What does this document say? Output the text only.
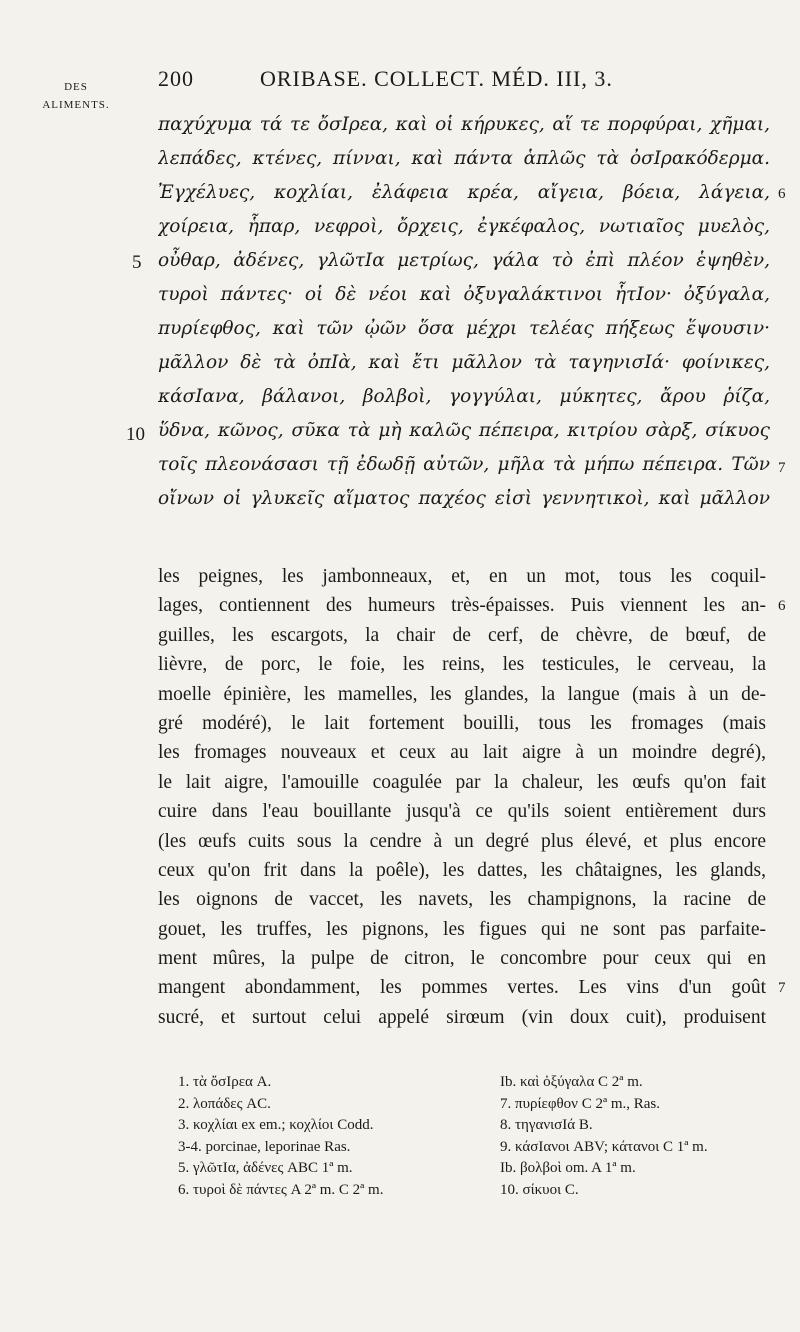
DES
ALIMENTS.
200	ORIBASE. COLLECT. MÉD. III, 3.
5
10
6
7
παχύχυμα τά τε ὄσΙρεα, καὶ οἱ κήρυκες, αἵ τε πορφύραι, χῆμαι,
λεπάδες, κτένες, πίνναι, καὶ πάντα ἁπλῶς τὰ ὀσΙρακόδερμα.
Ἐγχέλυες, κοχλίαι, ἐλάφεια κρέα, αἴγεια, βόεια, λάγεια,
χοίρεια, ἧπαρ, νεφροὶ, ὄρχεις, ἐγκέφαλος, νωτιαῖος μυελὸς,
οὖθαρ, ἀδένες, γλῶτΙα μετρίως, γάλα τὸ ἐπὶ πλέον ἑψηθὲν,
τυροὶ πάντες· οἱ δὲ νέοι καὶ ὀξυγαλάκτινοι ἧτΙον· ὀξύγαλα,
πυρίεφθος, καὶ τῶν ᾠῶν ὅσα μέχρι τελέας πήξεως ἕψουσιν·
μᾶλλον δὲ τὰ ὀπΙὰ, καὶ ἔτι μᾶλλον τὰ ταγηνισΙά· φοίνικες,
κάσΙανα, βάλανοι, βολβοὶ, γογγύλαι, μύκητες, ἄρου ῥίζα,
ὕδνα, κῶνος, σῦκα τὰ μὴ καλῶς πέπειρα, κιτρίου σὰρξ, σίκυος
τοῖς πλεονάσασι τῇ ἐδωδῇ αὐτῶν, μῆλα τὰ μήπω πέπειρα. Τῶν
οἴνων οἱ γλυκεῖς αἵματος παχέος εἰσὶ γεννητικοὶ, καὶ μᾶλλον
6
7
les peignes, les jambonneaux, et, en un mot, tous les coquil-
lages, contiennent des humeurs très-épaisses. Puis viennent les an-
guilles, les escargots, la chair de cerf, de chèvre, de bœuf, de
lièvre, de porc, le foie, les reins, les testicules, le cerveau, la
moelle épinière, les mamelles, les glandes, la langue (mais à un de-
gré modéré), le lait fortement bouilli, tous les fromages (mais
les fromages nouveaux et ceux au lait aigre à un moindre degré),
le lait aigre, l'amouille coagulée par la chaleur, les œufs qu'on fait
cuire dans l'eau bouillante jusqu'à ce qu'ils soient entièrement durs
(les œufs cuits sous la cendre à un degré plus élevé, et plus encore
ceux qu'on frit dans la poêle), les dattes, les châtaignes, les glands,
les oignons de vaccet, les navets, les champignons, la racine de
gouet, les truffes, les pignons, les figues qui ne sont pas parfaite-
ment mûres, la pulpe de citron, le concombre pour ceux qui en
mangent abondamment, les pommes vertes. Les vins d'un goût
sucré, et surtout celui appelé sirœum (vin doux cuit), produisent
1. τὰ ὄσΙρεα A.
2. λοπάδες AC.
3. κοχλίαι ex em.; κοχλίοι Codd.
3-4. porcinae, leporinae Ras.
5. γλῶτΙα, ἀδένες ABC 1ª m.
6. τυροὶ δὲ πάντες A 2ª m. C 2ª m.
Ib. καὶ ὀξύγαλα C 2ª m.
7. πυρίεφθον C 2ª m., Ras.
8. τηγανισΙά B.
9. κάσΙανοι ABV; κάτανοι C 1ª m.
Ib. βολβοὶ om. A 1ª m.
10. σίκυοι C.
